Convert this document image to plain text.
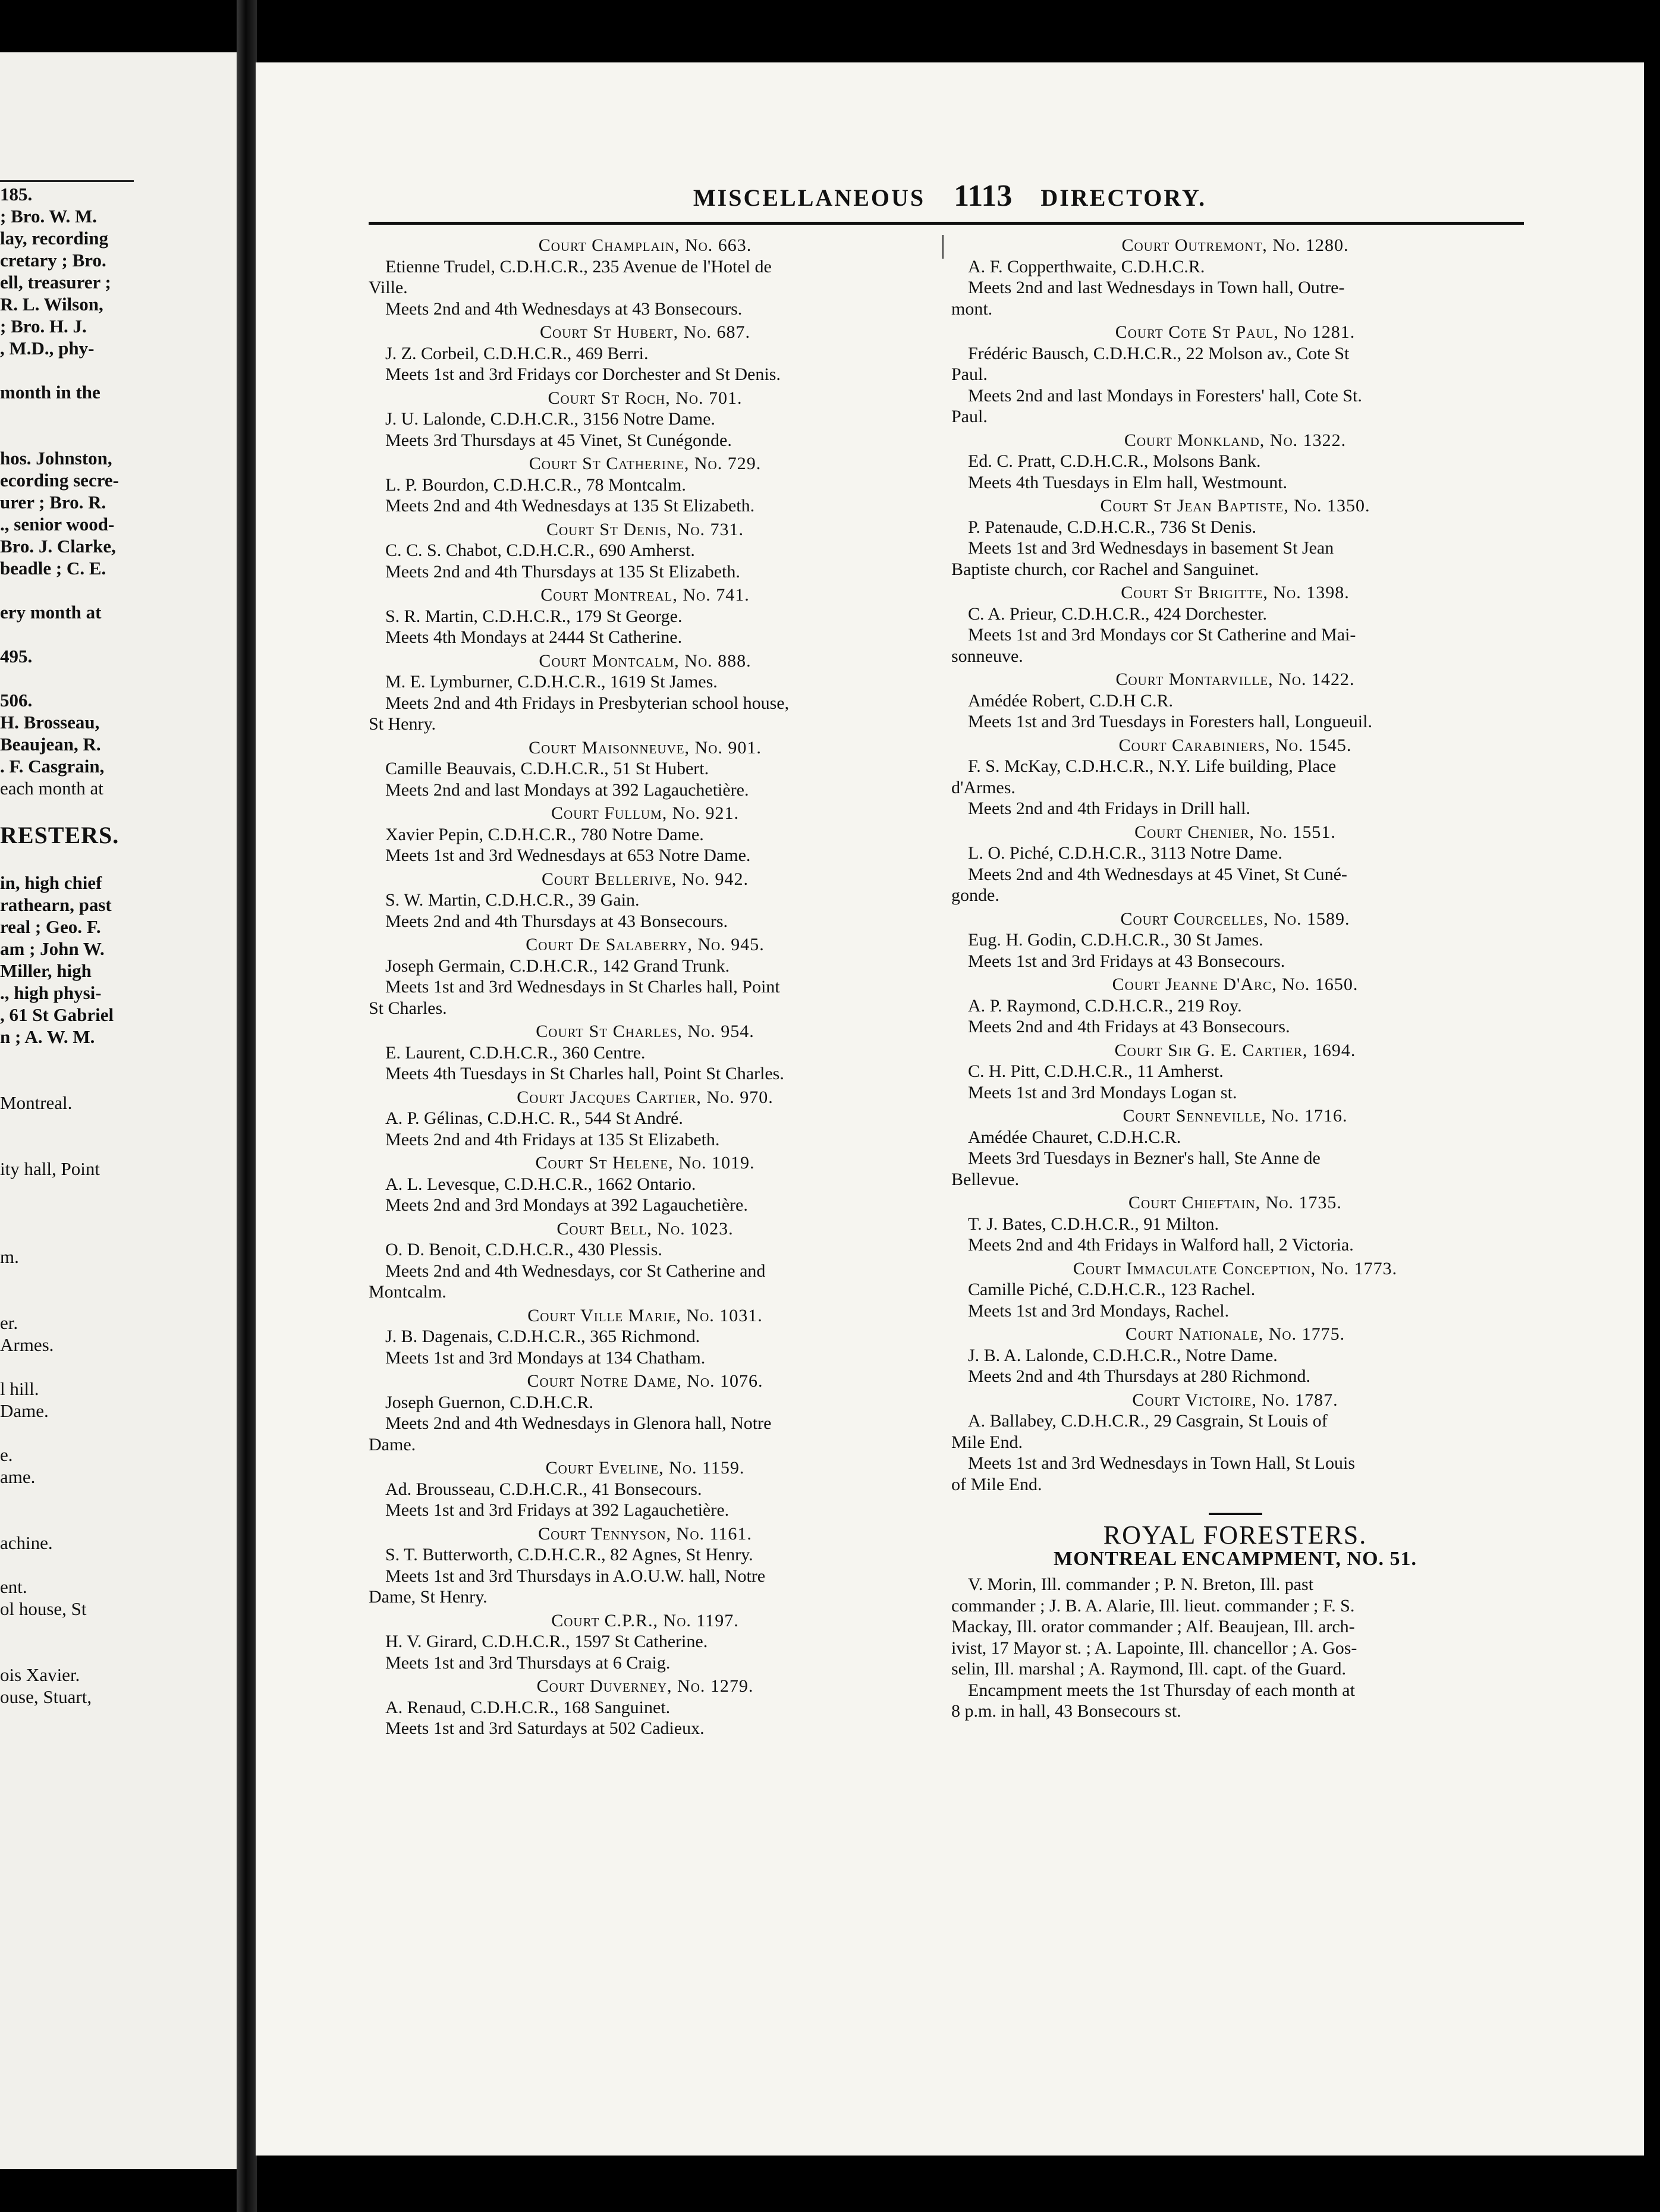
185.
; Bro. W. M.
lay, recording
cretary ; Bro.
ell, treasurer ;
R. L. Wilson,
; Bro. H. J.
, M.D., phy-
month in the
hos. Johnston,
ecording secre-
urer ; Bro. R.
., senior wood-
Bro. J. Clarke,
beadle ; C. E.
ery month at
495.
506.
H. Brosseau,
Beaujean, R.
. F. Casgrain,
each month at
RESTERS.
in, high chief
rathearn, past
real ; Geo. F.
am ; John W.
Miller, high
., high physi-
, 61 St Gabriel
n ; A. W. M.
Montreal.
ity hall, Point
m.
er.
Armes.
l hill.
Dame.
e.
ame.
achine.
ent.
ol house, St
ois Xavier.
ouse, Stuart,
MISCELLANEOUS 1113 DIRECTORY.
Court Champlain, No. 663.
Etienne Trudel, C.D.H.C.R., 235 Avenue de l'Hotel de
Ville.
Meets 2nd and 4th Wednesdays at 43 Bonsecours.
Court St Hubert, No. 687.
J. Z. Corbeil, C.D.H.C.R., 469 Berri.
Meets 1st and 3rd Fridays cor Dorchester and St Denis.
Court St Roch, No. 701.
J. U. Lalonde, C.D.H.C.R., 3156 Notre Dame.
Meets 3rd Thursdays at 45 Vinet, St Cunégonde.
Court St Catherine, No. 729.
L. P. Bourdon, C.D.H.C.R., 78 Montcalm.
Meets 2nd and 4th Wednesdays at 135 St Elizabeth.
Court St Denis, No. 731.
C. C. S. Chabot, C.D.H.C.R., 690 Amherst.
Meets 2nd and 4th Thursdays at 135 St Elizabeth.
Court Montreal, No. 741.
S. R. Martin, C.D.H.C.R., 179 St George.
Meets 4th Mondays at 2444 St Catherine.
Court Montcalm, No. 888.
M. E. Lymburner, C.D.H.C.R., 1619 St James.
Meets 2nd and 4th Fridays in Presbyterian school house,
St Henry.
Court Maisonneuve, No. 901.
Camille Beauvais, C.D.H.C.R., 51 St Hubert.
Meets 2nd and last Mondays at 392 Lagauchetière.
Court Fullum, No. 921.
Xavier Pepin, C.D.H.C.R., 780 Notre Dame.
Meets 1st and 3rd Wednesdays at 653 Notre Dame.
Court Bellerive, No. 942.
S. W. Martin, C.D.H.C.R., 39 Gain.
Meets 2nd and 4th Thursdays at 43 Bonsecours.
Court De Salaberry, No. 945.
Joseph Germain, C.D.H.C.R., 142 Grand Trunk.
Meets 1st and 3rd Wednesdays in St Charles hall, Point
St Charles.
Court St Charles, No. 954.
E. Laurent, C.D.H.C.R., 360 Centre.
Meets 4th Tuesdays in St Charles hall, Point St Charles.
Court Jacques Cartier, No. 970.
A. P. Gélinas, C.D.H.C. R., 544 St André.
Meets 2nd and 4th Fridays at 135 St Elizabeth.
Court St Helene, No. 1019.
A. L. Levesque, C.D.H.C.R., 1662 Ontario.
Meets 2nd and 3rd Mondays at 392 Lagauchetière.
Court Bell, No. 1023.
O. D. Benoit, C.D.H.C.R., 430 Plessis.
Meets 2nd and 4th Wednesdays, cor St Catherine and
Montcalm.
Court Ville Marie, No. 1031.
J. B. Dagenais, C.D.H.C.R., 365 Richmond.
Meets 1st and 3rd Mondays at 134 Chatham.
Court Notre Dame, No. 1076.
Joseph Guernon, C.D.H.C.R.
Meets 2nd and 4th Wednesdays in Glenora hall, Notre
Dame.
Court Eveline, No. 1159.
Ad. Brousseau, C.D.H.C.R., 41 Bonsecours.
Meets 1st and 3rd Fridays at 392 Lagauchetière.
Court Tennyson, No. 1161.
S. T. Butterworth, C.D.H.C.R., 82 Agnes, St Henry.
Meets 1st and 3rd Thursdays in A.O.U.W. hall, Notre
Dame, St Henry.
Court C.P.R., No. 1197.
H. V. Girard, C.D.H.C.R., 1597 St Catherine.
Meets 1st and 3rd Thursdays at 6 Craig.
Court Duverney, No. 1279.
A. Renaud, C.D.H.C.R., 168 Sanguinet.
Meets 1st and 3rd Saturdays at 502 Cadieux.
Court Outremont, No. 1280.
A. F. Copperthwaite, C.D.H.C.R.
Meets 2nd and last Wednesdays in Town hall, Outre-
mont.
Court Cote St Paul, No 1281.
Frédéric Bausch, C.D.H.C.R., 22 Molson av., Cote St
Paul.
Meets 2nd and last Mondays in Foresters' hall, Cote St.
Paul.
Court Monkland, No. 1322.
Ed. C. Pratt, C.D.H.C.R., Molsons Bank.
Meets 4th Tuesdays in Elm hall, Westmount.
Court St Jean Baptiste, No. 1350.
P. Patenaude, C.D.H.C.R., 736 St Denis.
Meets 1st and 3rd Wednesdays in basement St Jean
Baptiste church, cor Rachel and Sanguinet.
Court St Brigitte, No. 1398.
C. A. Prieur, C.D.H.C.R., 424 Dorchester.
Meets 1st and 3rd Mondays cor St Catherine and Mai-
sonneuve.
Court Montarville, No. 1422.
Amédée Robert, C.D.H C.R.
Meets 1st and 3rd Tuesdays in Foresters hall, Longueuil.
Court Carabiniers, No. 1545.
F. S. McKay, C.D.H.C.R., N.Y. Life building, Place
d'Armes.
Meets 2nd and 4th Fridays in Drill hall.
Court Chenier, No. 1551.
L. O. Piché, C.D.H.C.R., 3113 Notre Dame.
Meets 2nd and 4th Wednesdays at 45 Vinet, St Cuné-
gonde.
Court Courcelles, No. 1589.
Eug. H. Godin, C.D.H.C.R., 30 St James.
Meets 1st and 3rd Fridays at 43 Bonsecours.
Court Jeanne D'Arc, No. 1650.
A. P. Raymond, C.D.H.C.R., 219 Roy.
Meets 2nd and 4th Fridays at 43 Bonsecours.
Court Sir G. E. Cartier, 1694.
C. H. Pitt, C.D.H.C.R., 11 Amherst.
Meets 1st and 3rd Mondays Logan st.
Court Senneville, No. 1716.
Amédée Chauret, C.D.H.C.R.
Meets 3rd Tuesdays in Bezner's hall, Ste Anne de
Bellevue.
Court Chieftain, No. 1735.
T. J. Bates, C.D.H.C.R., 91 Milton.
Meets 2nd and 4th Fridays in Walford hall, 2 Victoria.
Court Immaculate Conception, No. 1773.
Camille Piché, C.D.H.C.R., 123 Rachel.
Meets 1st and 3rd Mondays, Rachel.
Court Nationale, No. 1775.
J. B. A. Lalonde, C.D.H.C.R., Notre Dame.
Meets 2nd and 4th Thursdays at 280 Richmond.
Court Victoire, No. 1787.
A. Ballabey, C.D.H.C.R., 29 Casgrain, St Louis of
Mile End.
Meets 1st and 3rd Wednesdays in Town Hall, St Louis
of Mile End.
ROYAL FORESTERS.
MONTREAL ENCAMPMENT, NO. 51.
V. Morin, Ill. commander ; P. N. Breton, Ill. past
commander ; J. B. A. Alarie, Ill. lieut. commander ; F. S.
Mackay, Ill. orator commander ; Alf. Beaujean, Ill. arch-
ivist, 17 Mayor st. ; A. Lapointe, Ill. chancellor ; A. Gos-
selin, Ill. marshal ; A. Raymond, Ill. capt. of the Guard.
Encampment meets the 1st Thursday of each month at
8 p.m. in hall, 43 Bonsecours st.
